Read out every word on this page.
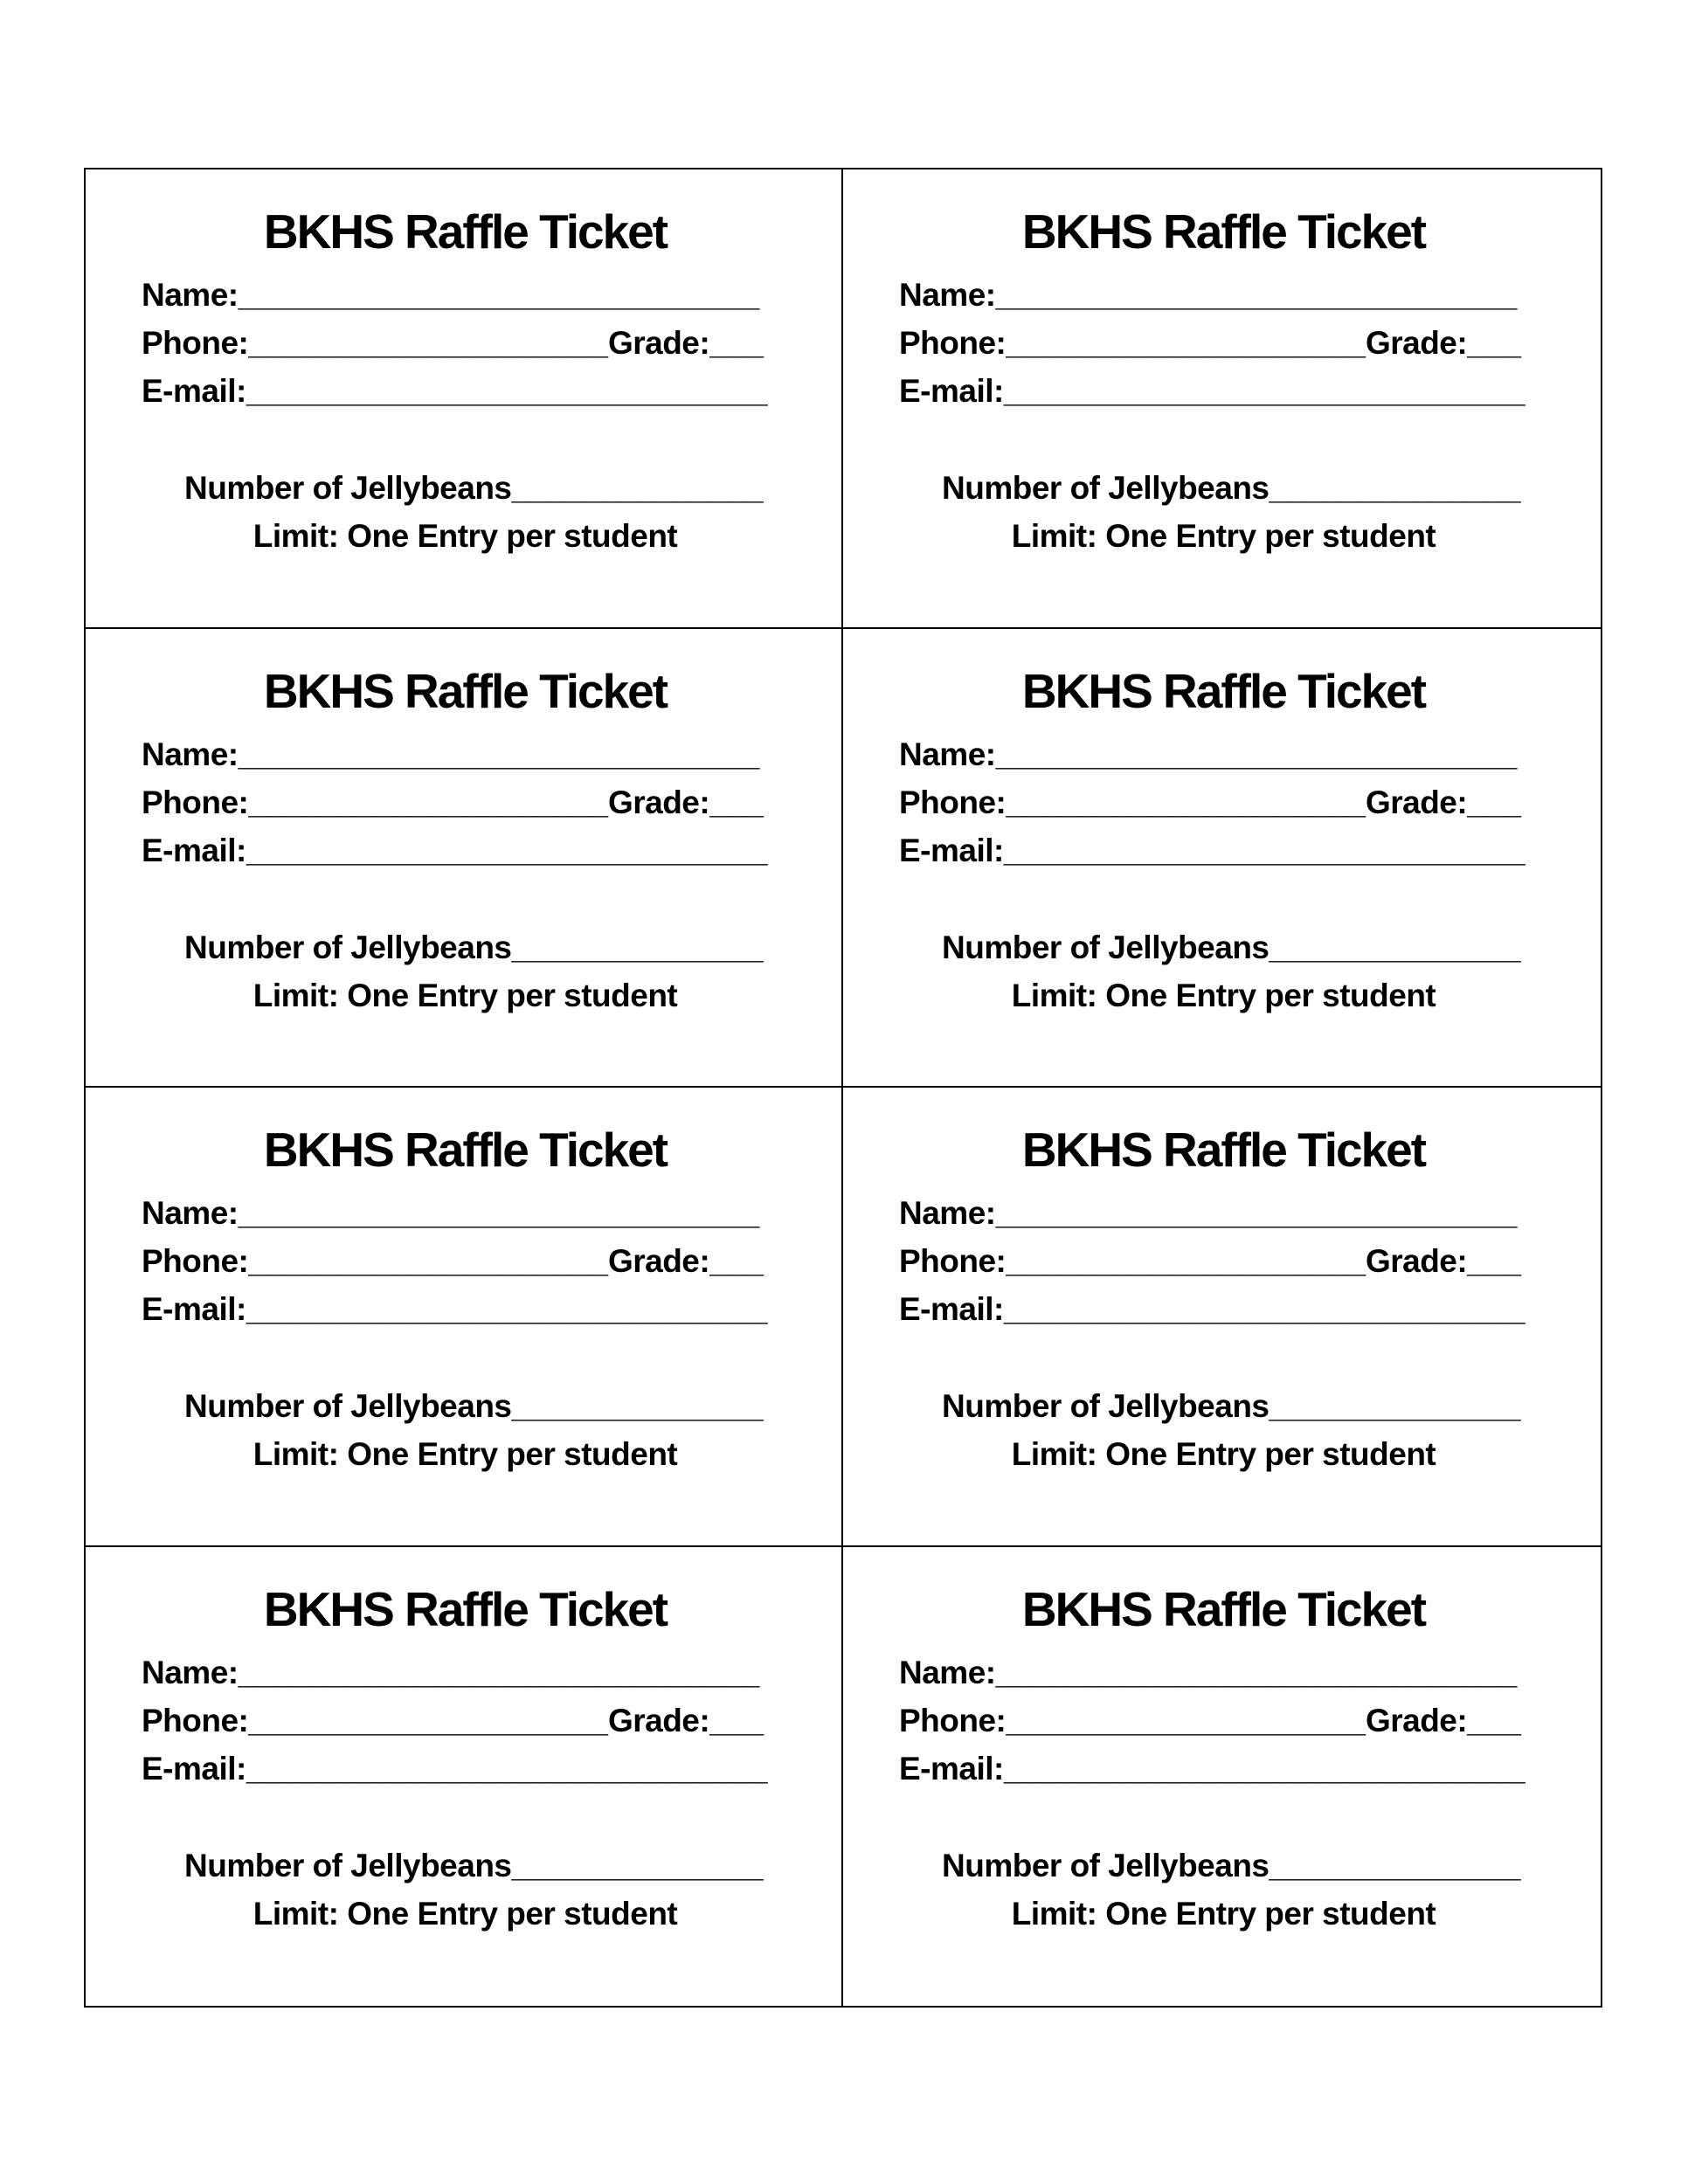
BKHS Raffle Ticket
Name:_____________________________
Phone:____________________Grade:___
E-mail:_____________________________
Number of Jellybeans______________
Limit: One Entry per student
BKHS Raffle Ticket
Name:_____________________________
Phone:____________________Grade:___
E-mail:_____________________________
Number of Jellybeans______________
Limit: One Entry per student
BKHS Raffle Ticket
Name:_____________________________
Phone:____________________Grade:___
E-mail:_____________________________
Number of Jellybeans______________
Limit: One Entry per student
BKHS Raffle Ticket
Name:_____________________________
Phone:____________________Grade:___
E-mail:_____________________________
Number of Jellybeans______________
Limit: One Entry per student
BKHS Raffle Ticket
Name:_____________________________
Phone:____________________Grade:___
E-mail:_____________________________
Number of Jellybeans______________
Limit: One Entry per student
BKHS Raffle Ticket
Name:_____________________________
Phone:____________________Grade:___
E-mail:_____________________________
Number of Jellybeans______________
Limit: One Entry per student
BKHS Raffle Ticket
Name:_____________________________
Phone:____________________Grade:___
E-mail:_____________________________
Number of Jellybeans______________
Limit: One Entry per student
BKHS Raffle Ticket
Name:_____________________________
Phone:____________________Grade:___
E-mail:_____________________________
Number of Jellybeans______________
Limit: One Entry per student
